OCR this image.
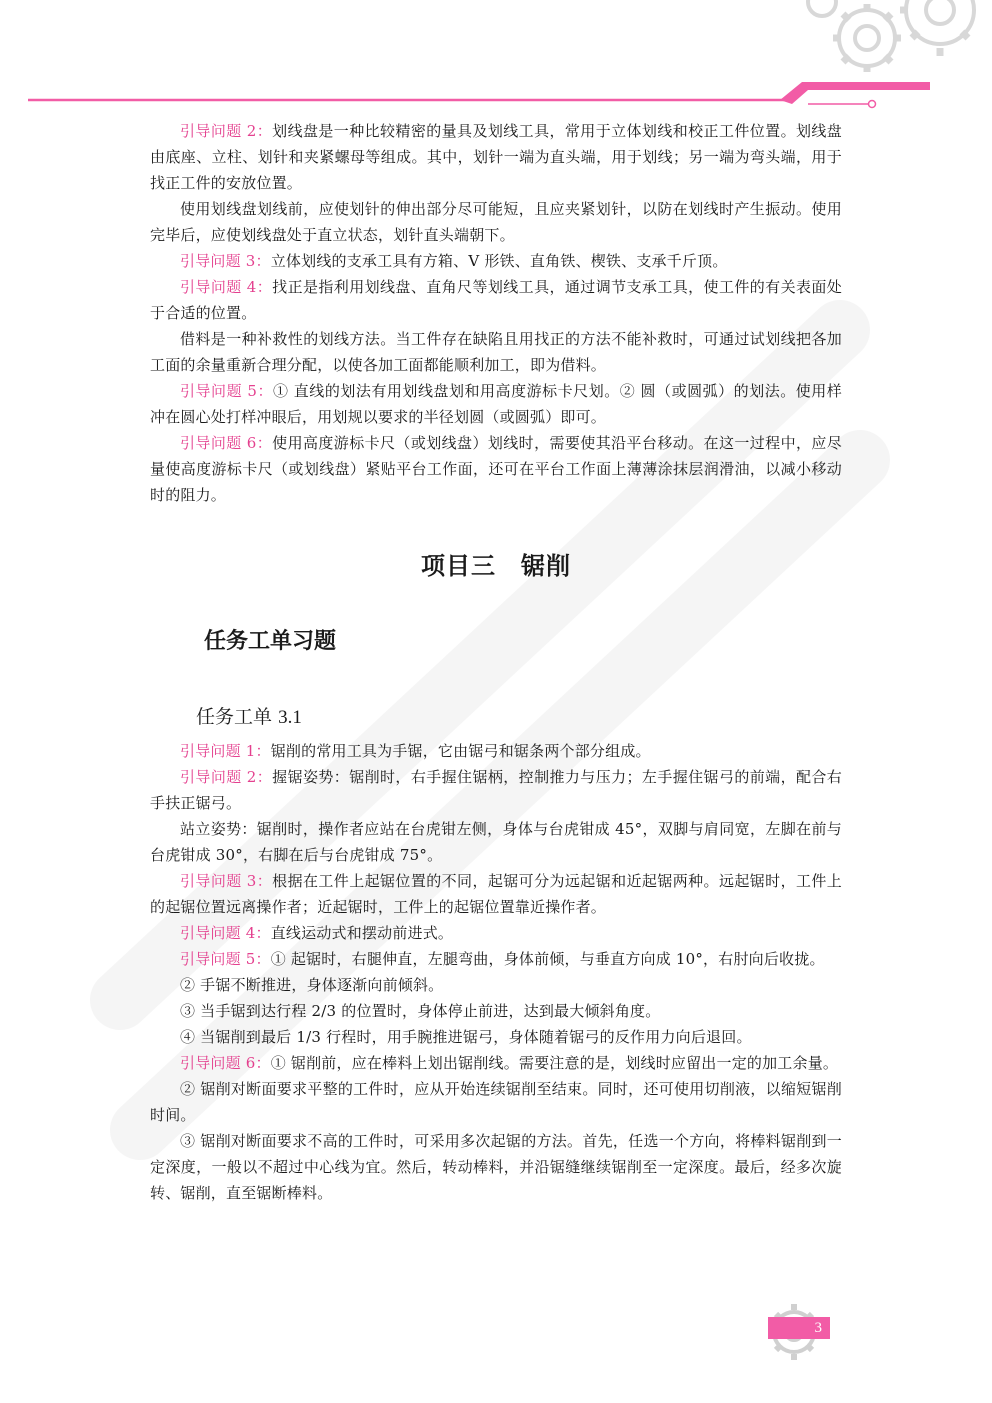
引导问题 2：划线盘是一种比较精密的量具及划线工具，常用于立体划线和校正工件位置。划线盘由底座、立柱、划针和夹紧螺母等组成。其中，划针一端为直头端，用于划线；另一端为弯头端，用于找正工件的安放位置。

使用划线盘划线前，应使划针的伸出部分尽可能短，且应夹紧划针，以防在划线时产生振动。使用完毕后，应使划线盘处于直立状态，划针直头端朝下。

引导问题 3：立体划线的支承工具有方箱、V 形铁、直角铁、楔铁、支承千斤顶。

引导问题 4：找正是指利用划线盘、直角尺等划线工具，通过调节支承工具，使工件的有关表面处于合适的位置。

借料是一种补救性的划线方法。当工件存在缺陷且用找正的方法不能补救时，可通过试划线把各加工面的余量重新合理分配，以使各加工面都能顺利加工，即为借料。

引导问题 5：① 直线的划法有用划线盘划和用高度游标卡尺划。② 圆（或圆弧）的划法。使用样冲在圆心处打样冲眼后，用划规以要求的半径划圆（或圆弧）即可。

引导问题 6：使用高度游标卡尺（或划线盘）划线时，需要使其沿平台移动。在这一过程中，应尽量使高度游标卡尺（或划线盘）紧贴平台工作面，还可在平台工作面上薄薄涂抹层润滑油，以减小移动时的阻力。

项目三　锯削
任务工单习题
任务工单 3.1

引导问题 1：锯削的常用工具为手锯，它由锯弓和锯条两个部分组成。

引导问题 2：握锯姿势：锯削时，右手握住锯柄，控制推力与压力；左手握住锯弓的前端，配合右手扶正锯弓。

站立姿势：锯削时，操作者应站在台虎钳左侧，身体与台虎钳成 45°，双脚与肩同宽，左脚在前与台虎钳成 30°，右脚在后与台虎钳成 75°。

引导问题 3：根据在工件上起锯位置的不同，起锯可分为远起锯和近起锯两种。远起锯时，工件上的起锯位置远离操作者；近起锯时，工件上的起锯位置靠近操作者。

引导问题 4：直线运动式和摆动前进式。

引导问题 5：① 起锯时，右腿伸直，左腿弯曲，身体前倾，与垂直方向成 10°，右肘向后收拢。

② 手锯不断推进，身体逐渐向前倾斜。

③ 当手锯到达行程 2/3 的位置时，身体停止前进，达到最大倾斜角度。

④ 当锯削到最后 1/3 行程时，用手腕推进锯弓，身体随着锯弓的反作用力向后退回。

引导问题 6：① 锯削前，应在棒料上划出锯削线。需要注意的是，划线时应留出一定的加工余量。

② 锯削对断面要求平整的工件时，应从开始连续锯削至结束。同时，还可使用切削液，以缩短锯削时间。

③ 锯削对断面要求不高的工件时，可采用多次起锯的方法。首先，任选一个方向，将棒料锯削到一定深度，一般以不超过中心线为宜。然后，转动棒料，并沿锯缝继续锯削至一定深度。最后，经多次旋转、锯削，直至锯断棒料。

3
